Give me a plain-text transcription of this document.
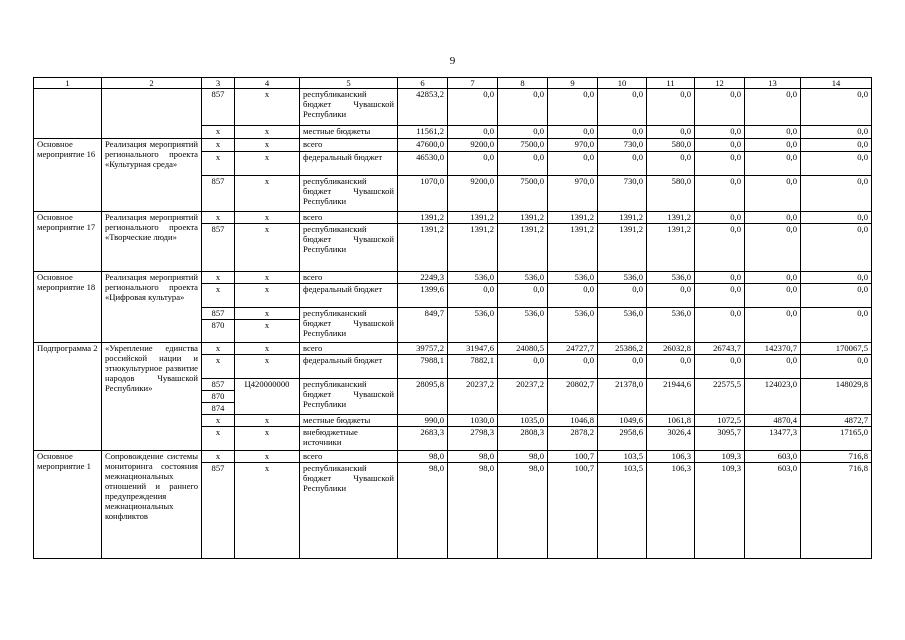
9
1	2	3	4	5	6	7	8	9	10	11	12	13	14
		857	x	республиканский бюджет Чувашской Республики	42853,2	0,0	0,0	0,0	0,0	0,0	0,0	0,0	0,0
		x	x	местные бюджеты	11561,2	0,0	0,0	0,0	0,0	0,0	0,0	0,0	0,0
Основное мероприятие 16	Реализация мероприятий регионального проекта «Культурная среда»	x	x	всего	47600,0	9200,0	7500,0	970,0	730,0	580,0	0,0	0,0	0,0
		x	x	федеральный бюджет	46530,0	0,0	0,0	0,0	0,0	0,0	0,0	0,0	0,0
		857	x	республиканский бюджет Чувашской Республики	1070,0	9200,0	7500,0	970,0	730,0	580,0	0,0	0,0	0,0
Основное мероприятие 17	Реализация мероприятий регионального проекта «Творческие люди»	x	x	всего	1391,2	1391,2	1391,2	1391,2	1391,2	1391,2	0,0	0,0	0,0
		857	x	республиканский бюджет Чувашской Республики	1391,2	1391,2	1391,2	1391,2	1391,2	1391,2	0,0	0,0	0,0
Основное мероприятие 18	Реализация мероприятий регионального проекта «Цифровая культура»	x	x	всего	2249,3	536,0	536,0	536,0	536,0	536,0	0,0	0,0	0,0
		x	x	федеральный бюджет	1399,6	0,0	0,0	0,0	0,0	0,0	0,0	0,0	0,0
		857	x	республиканский бюджет Чувашской Республики	849,7	536,0	536,0	536,0	536,0	536,0	0,0	0,0	0,0
		870	x										
Подпрограмма 2	«Укрепление единства российской нации и этнокультурное развитие народов Чувашской Республики»	x	x	всего	39757,2	31947,6	24080,5	24727,7	25386,2	26032,8	26743,7	142370,7	170067,5
		x	x	федеральный бюджет	7988,1	7882,1	0,0	0,0	0,0	0,0	0,0	0,0	0,0
		857	Ц420000000	республиканский бюджет Чувашской Республики	28095,8	20237,2	20237,2	20802,7	21378,0	21944,6	22575,5	124023,0	148029,8
		870											
		874											
		x	x	местные бюджеты	990,0	1030,0	1035,0	1046,8	1049,6	1061,8	1072,5	4870,4	4872,7
		x	x	внебюджетные источники	2683,3	2798,3	2808,3	2878,2	2958,6	3026,4	3095,7	13477,3	17165,0
Основное мероприятие 1	Сопровождение системы мониторинга состояния межнациональных отношений и раннего предупреждения межнациональных конфликтов	x	x	всего	98,0	98,0	98,0	100,7	103,5	106,3	109,3	603,0	716,8
		857	x	республиканский бюджет Чувашской Республики	98,0	98,0	98,0	100,7	103,5	106,3	109,3	603,0	716,8
